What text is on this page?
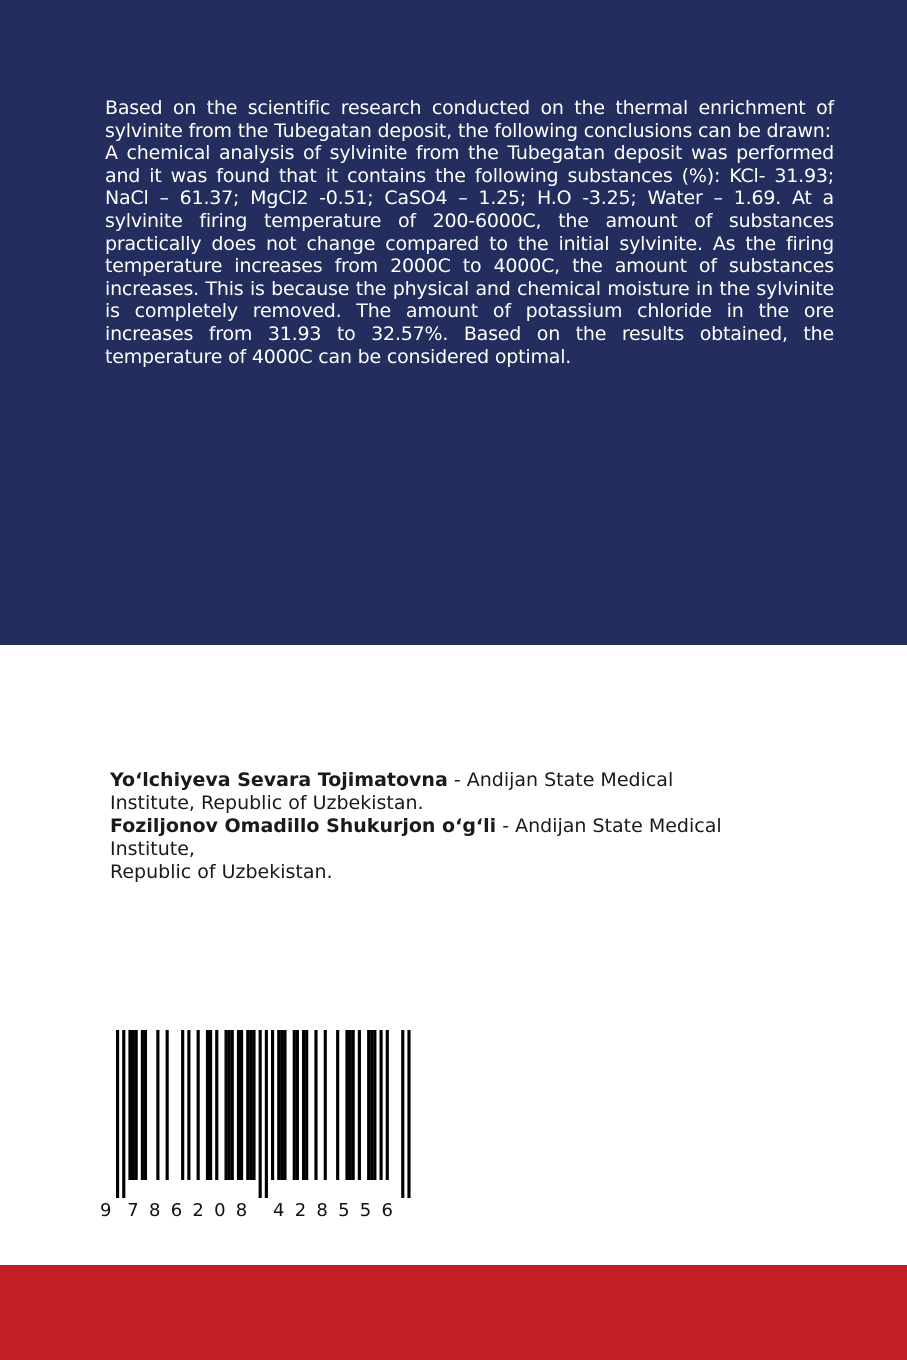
Based on the scientific research conducted on the thermal enrichment of sylvinite from the Tubegatan deposit, the following conclusions can be drawn:

A chemical analysis of sylvinite from the Tubegatan deposit was performed and it was found that it contains the following substances (%): KCl- 31.93; NaCl – 61.37; MgCl2 -0.51; CaSO4 – 1.25; H.O -3.25; Water – 1.69. At a sylvinite firing temperature of 200-6000C, the amount of substances practically does not change compared to the initial sylvinite. As the firing temperature increases from 2000C to 4000C, the amount of substances increases. This is because the physical and chemical moisture in the sylvinite is completely removed. The amount of potassium chloride in the ore increases from 31.93 to 32.57%. Based on the results obtained, the temperature of 4000C can be considered optimal.

Yo‘lchiyeva Sevara Tojimatovna - Andijan State Medical
Institute, Republic of Uzbekistan.
Foziljonov Omadillo Shukurjon o‘g‘li - Andijan State Medical Institute,
Republic of Uzbekistan.
9 7 8 6 2 0 8 4 2 8 5 5 6
